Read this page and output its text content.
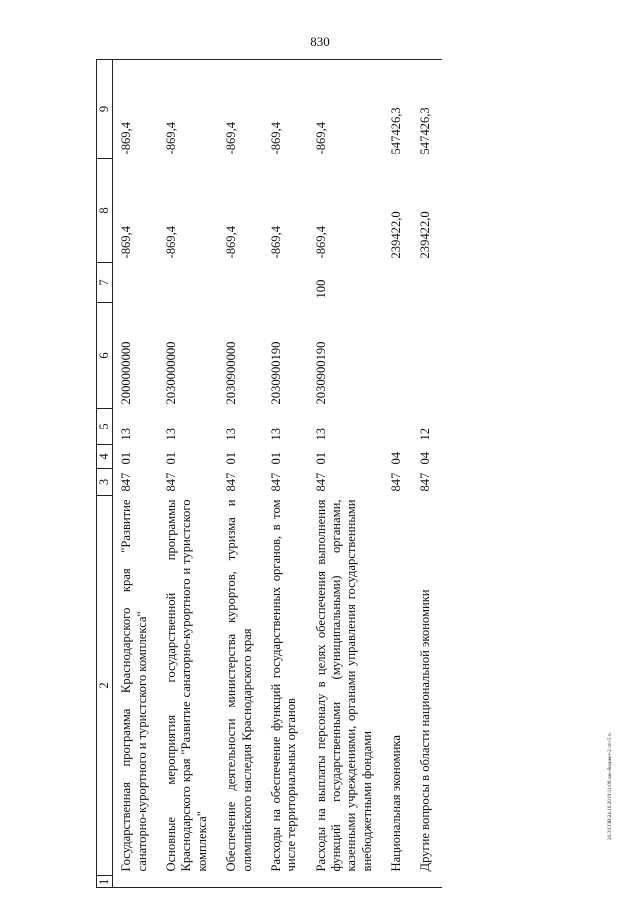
830
20.3\СОВ\24.10.2019\11:09\зак-бюджет-2 чт+5 ч.
1	2	3	4	5	6	7	8	9
	Государственная программа Краснодарского края "Развитие санаторно-курортного и туристского комплекса"	847	01	13	2000000000		-869,4	-869,4
	Основные мероприятия государственной программы Краснодарского края "Развитие санаторно-курортного и туристского комплекса"	847	01	13	2030000000		-869,4	-869,4
	Обеспечение деятельности министерства курортов, туризма и олимпийского наследия Краснодарского края	847	01	13	2030900000		-869,4	-869,4
	Расходы на обеспечение функций государственных органов, в том числе территориальных органов	847	01	13	2030900190		-869,4	-869,4
	Расходы на выплаты персоналу в целях обеспечения выполнения функций государственными (муниципальными) органами, казенными учреждениями, органами управления государственными внебюджетными фондами	847	01	13	2030900190	100	-869,4	-869,4
	Национальная экономика	847	04				239422,0	547426,3
	Другие вопросы в области национальной экономики	847	04	12			239422,0	547426,3
